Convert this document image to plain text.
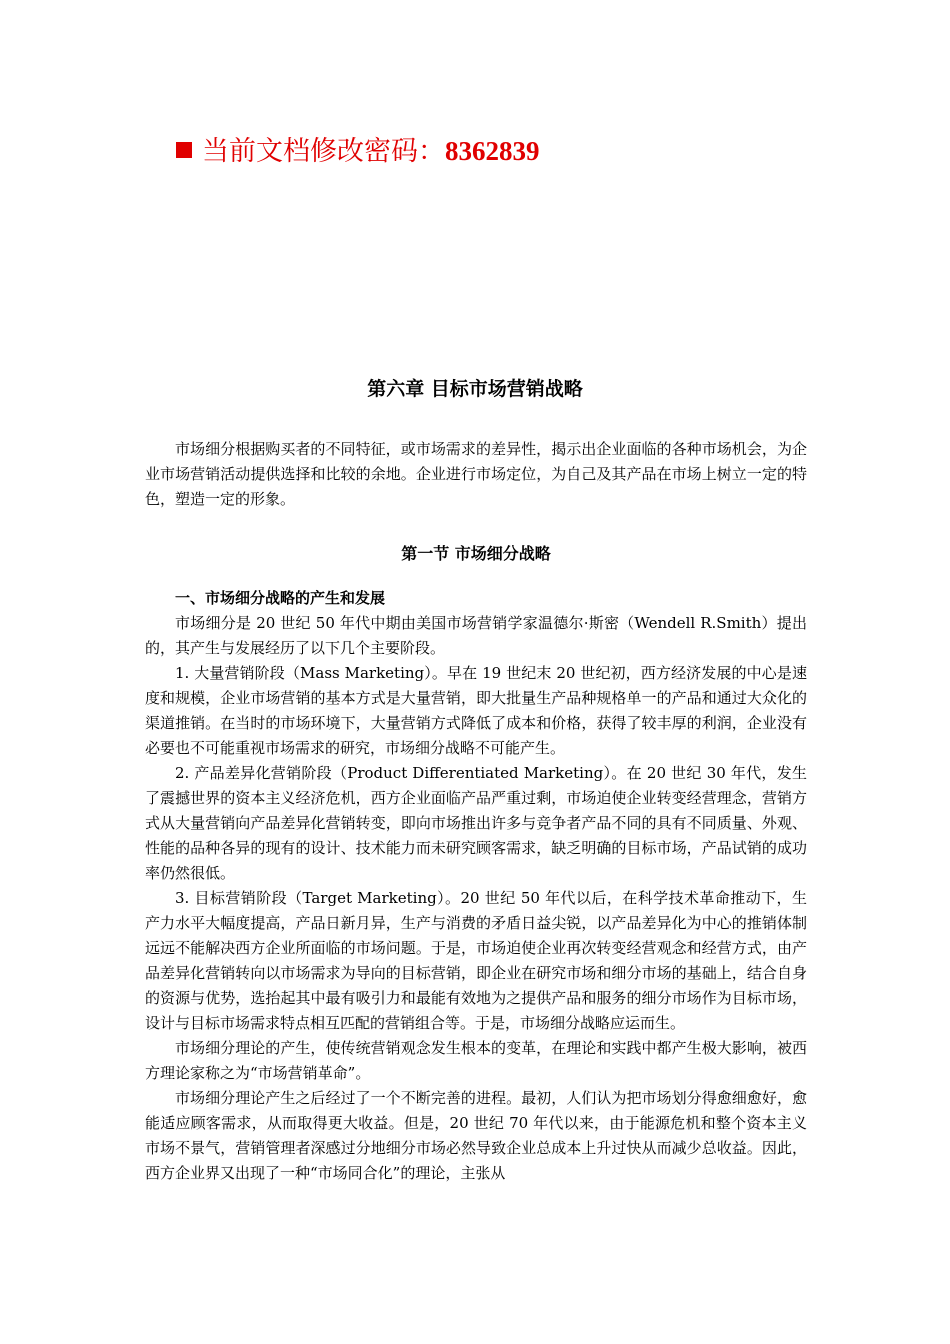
当前文档修改密码：8362839
第六章 目标市场营销战略

市场细分根据购买者的不同特征，或市场需求的差异性，揭示出企业面临的各种市场机会，为企业市场营销活动提供选择和比较的余地。企业进行市场定位，为自己及其产品在市场上树立一定的特色，塑造一定的形象。

第一节 市场细分战略

一、市场细分战略的产生和发展

市场细分是 20 世纪 50 年代中期由美国市场营销学家温德尔·斯密（Wendell R.Smith）提出的，其产生与发展经历了以下几个主要阶段。

1. 大量营销阶段（Mass Marketing）。早在 19 世纪末 20 世纪初，西方经济发展的中心是速度和规模，企业市场营销的基本方式是大量营销，即大批量生产品种规格单一的产品和通过大众化的渠道推销。在当时的市场环境下，大量营销方式降低了成本和价格，获得了较丰厚的利润，企业没有必要也不可能重视市场需求的研究，市场细分战略不可能产生。

2. 产品差异化营销阶段（Product Differentiated Marketing）。在 20 世纪 30 年代，发生了震撼世界的资本主义经济危机，西方企业面临产品严重过剩，市场迫使企业转变经营理念，营销方式从大量营销向产品差异化营销转变，即向市场推出许多与竞争者产品不同的具有不同质量、外观、性能的品种各异的现有的设计、技术能力而未研究顾客需求，缺乏明确的目标市场，产品试销的成功率仍然很低。

3. 目标营销阶段（Target Marketing）。20 世纪 50 年代以后，在科学技术革命推动下，生产力水平大幅度提高，产品日新月异，生产与消费的矛盾日益尖锐，以产品差异化为中心的推销体制远远不能解决西方企业所面临的市场问题。于是，市场迫使企业再次转变经营观念和经营方式，由产品差异化营销转向以市场需求为导向的目标营销，即企业在研究市场和细分市场的基础上，结合自身的资源与优势，选抬起其中最有吸引力和最能有效地为之提供产品和服务的细分市场作为目标市场，设计与目标市场需求特点相互匹配的营销组合等。于是，市场细分战略应运而生。

市场细分理论的产生，使传统营销观念发生根本的变革，在理论和实践中都产生极大影响，被西方理论家称之为“市场营销革命”。

市场细分理论产生之后经过了一个不断完善的进程。最初，人们认为把市场划分得愈细愈好，愈能适应顾客需求，从而取得更大收益。但是，20 世纪 70 年代以来，由于能源危机和整个资本主义市场不景气，营销管理者深感过分地细分市场必然导致企业总成本上升过快从而减少总收益。因此，西方企业界又出现了一种“市场同合化”的理论，主张从
